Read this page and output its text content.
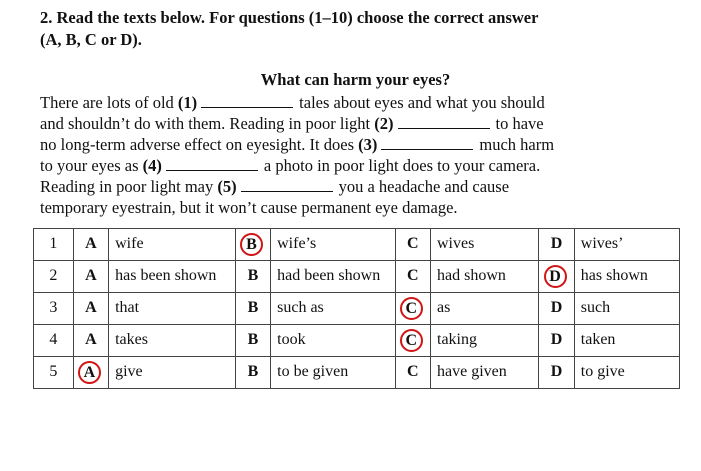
2. Read the texts below. For questions (1–10) choose the correct answer
(A, B, C or D).
What can harm your eyes?
There are lots of old (1)	tales about eyes and what you should
and shouldn’t do with them. Reading in poor light (2)	to have
no long-term adverse effect on eyesight. It does (3)	much harm
to your eyes as (4)	a photo in poor light does to your camera.
Reading in poor light may (5)	you a headache and cause
temporary eyestrain, but it won’t cause permanent eye damage.
1	A	wife	B	wife’s	C	wives	D	wives’
2	A	has been shown	B	had been shown	C	had shown	D	has shown
3	A	that	B	such as	C	as	D	such
4	A	takes	B	took	C	taking	D	taken
5	A	give	B	to be given	C	have given	D	to give
